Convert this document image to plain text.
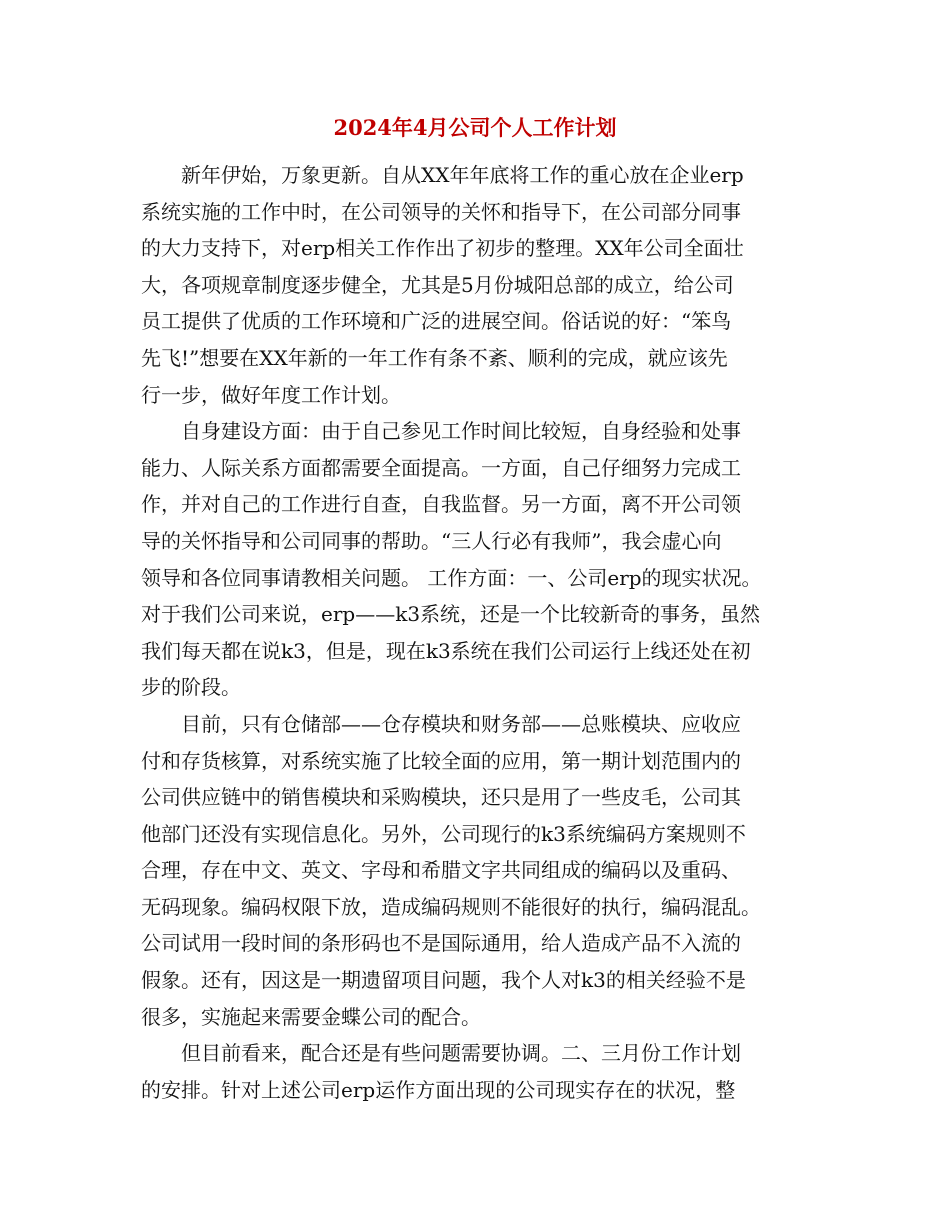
2024年4月公司个人工作计划
　　新年伊始，万象更新。自从XX年年底将工作的重心放在企业erp
系统实施的工作中时，在公司领导的关怀和指导下，在公司部分同事
的大力支持下，对erp相关工作作出了初步的整理。XX年公司全面壮
大，各项规章制度逐步健全，尤其是5月份城阳总部的成立，给公司
员工提供了优质的工作环境和广泛的进展空间。俗话说的好：“笨鸟
先飞!”想要在XX年新的一年工作有条不紊、顺利的完成，就应该先
行一步，做好年度工作计划。
　　自身建设方面：由于自己参见工作时间比较短，自身经验和处事
能力、人际关系方面都需要全面提高。一方面，自己仔细努力完成工
作，并对自己的工作进行自查，自我监督。另一方面，离不开公司领
导的关怀指导和公司同事的帮助。“三人行必有我师”，我会虚心向
领导和各位同事请教相关问题。 工作方面：一、公司erp的现实状况。
对于我们公司来说，erp——k3系统，还是一个比较新奇的事务，虽然
我们每天都在说k3，但是，现在k3系统在我们公司运行上线还处在初
步的阶段。
　　目前，只有仓储部——仓存模块和财务部——总账模块、应收应
付和存货核算，对系统实施了比较全面的应用，第一期计划范围内的
公司供应链中的销售模块和采购模块，还只是用了一些皮毛，公司其
他部门还没有实现信息化。另外，公司现行的k3系统编码方案规则不
合理，存在中文、英文、字母和希腊文字共同组成的编码以及重码、
无码现象。编码权限下放，造成编码规则不能很好的执行，编码混乱。
公司试用一段时间的条形码也不是国际通用，给人造成产品不入流的
假象。还有，因这是一期遗留项目问题，我个人对k3的相关经验不是
很多，实施起来需要金蝶公司的配合。
　　但目前看来，配合还是有些问题需要协调。二、三月份工作计划
的安排。针对上述公司erp运作方面出现的公司现实存在的状况，整
